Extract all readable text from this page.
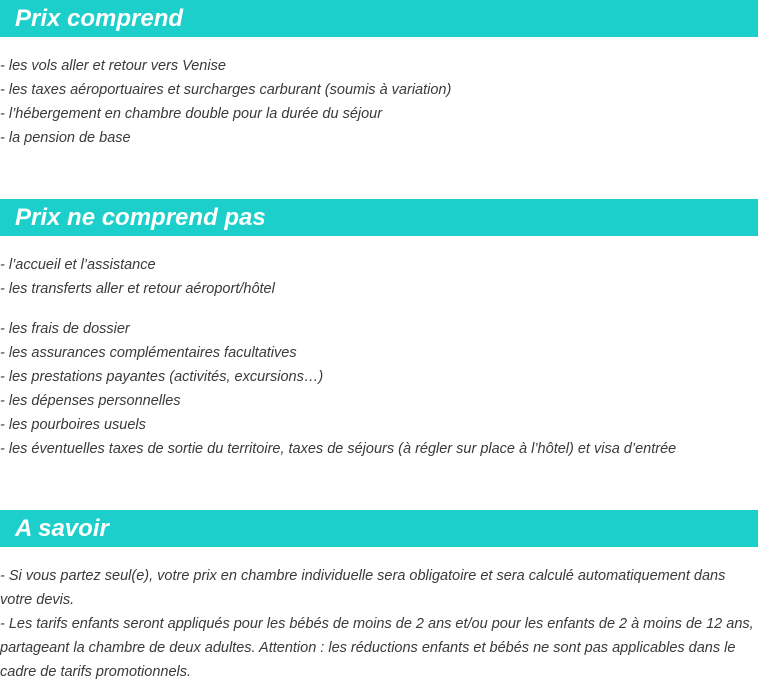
Prix comprend
- les vols aller et retour vers Venise
- les taxes aéroportuaires et surcharges carburant (soumis à variation)
- l’hébergement en chambre double pour la durée du séjour
- la pension de base
Prix ne comprend pas
- l’accueil et l’assistance
- les transferts aller et retour aéroport/hôtel
- les frais de dossier
- les assurances complémentaires facultatives
- les prestations payantes (activités, excursions…)
- les dépenses personnelles
- les pourboires usuels
- les éventuelles taxes de sortie du territoire, taxes de séjours (à régler sur place à l’hôtel) et visa d’entrée
A savoir

- Si vous partez seul(e), votre prix en chambre individuelle sera obligatoire et sera calculé automatiquement dans votre devis.

- Les tarifs enfants seront appliqués pour les bébés de moins de 2 ans et/ou pour les enfants de 2 à moins de 12 ans, partageant la chambre de deux adultes. Attention : les réductions enfants et bébés ne sont pas applicables dans le cadre de tarifs promotionnels.
